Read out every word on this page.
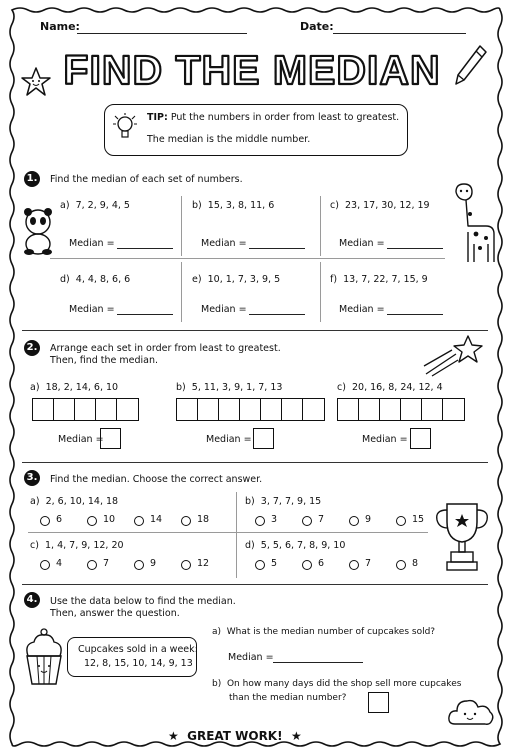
Name:	Date:
FIND THE MEDIAN
TIP: Put the numbers in order from least to greatest.
The median is the middle number.
1. Find the median of each set of numbers.
a) 7, 2, 9, 4, 5
Median =
b) 15, 3, 8, 11, 6
Median =
c) 23, 17, 30, 12, 19
Median =
d) 4, 4, 8, 6, 6
Median =
e) 10, 1, 7, 3, 9, 5
Median =
f) 13, 7, 22, 7, 15, 9
Median =
2. Arrange each set in order from least to greatest.
Then, find the median.
a) 18, 2, 14, 6, 10
Median =
b) 5, 11, 3, 9, 1, 7, 13
Median =
c) 20, 16, 8, 24, 12, 4
Median =
3. Find the median. Choose the correct answer.
a) 2, 6, 10, 14, 18
6	10	14	18
b) 3, 7, 7, 9, 15
3	7	9	15
c) 1, 4, 7, 9, 12, 20
4	7	9	12
d) 5, 5, 6, 7, 8, 9, 10
5	6	7	8
4. Use the data below to find the median.
Then, answer the question.
Cupcakes sold in a week:
12, 8, 15, 10, 14, 9, 13
a) What is the median number of cupcakes sold?
Median =
b) On how many days did the shop sell more cupcakes
than the median number?
★ GREAT WORK! ★
